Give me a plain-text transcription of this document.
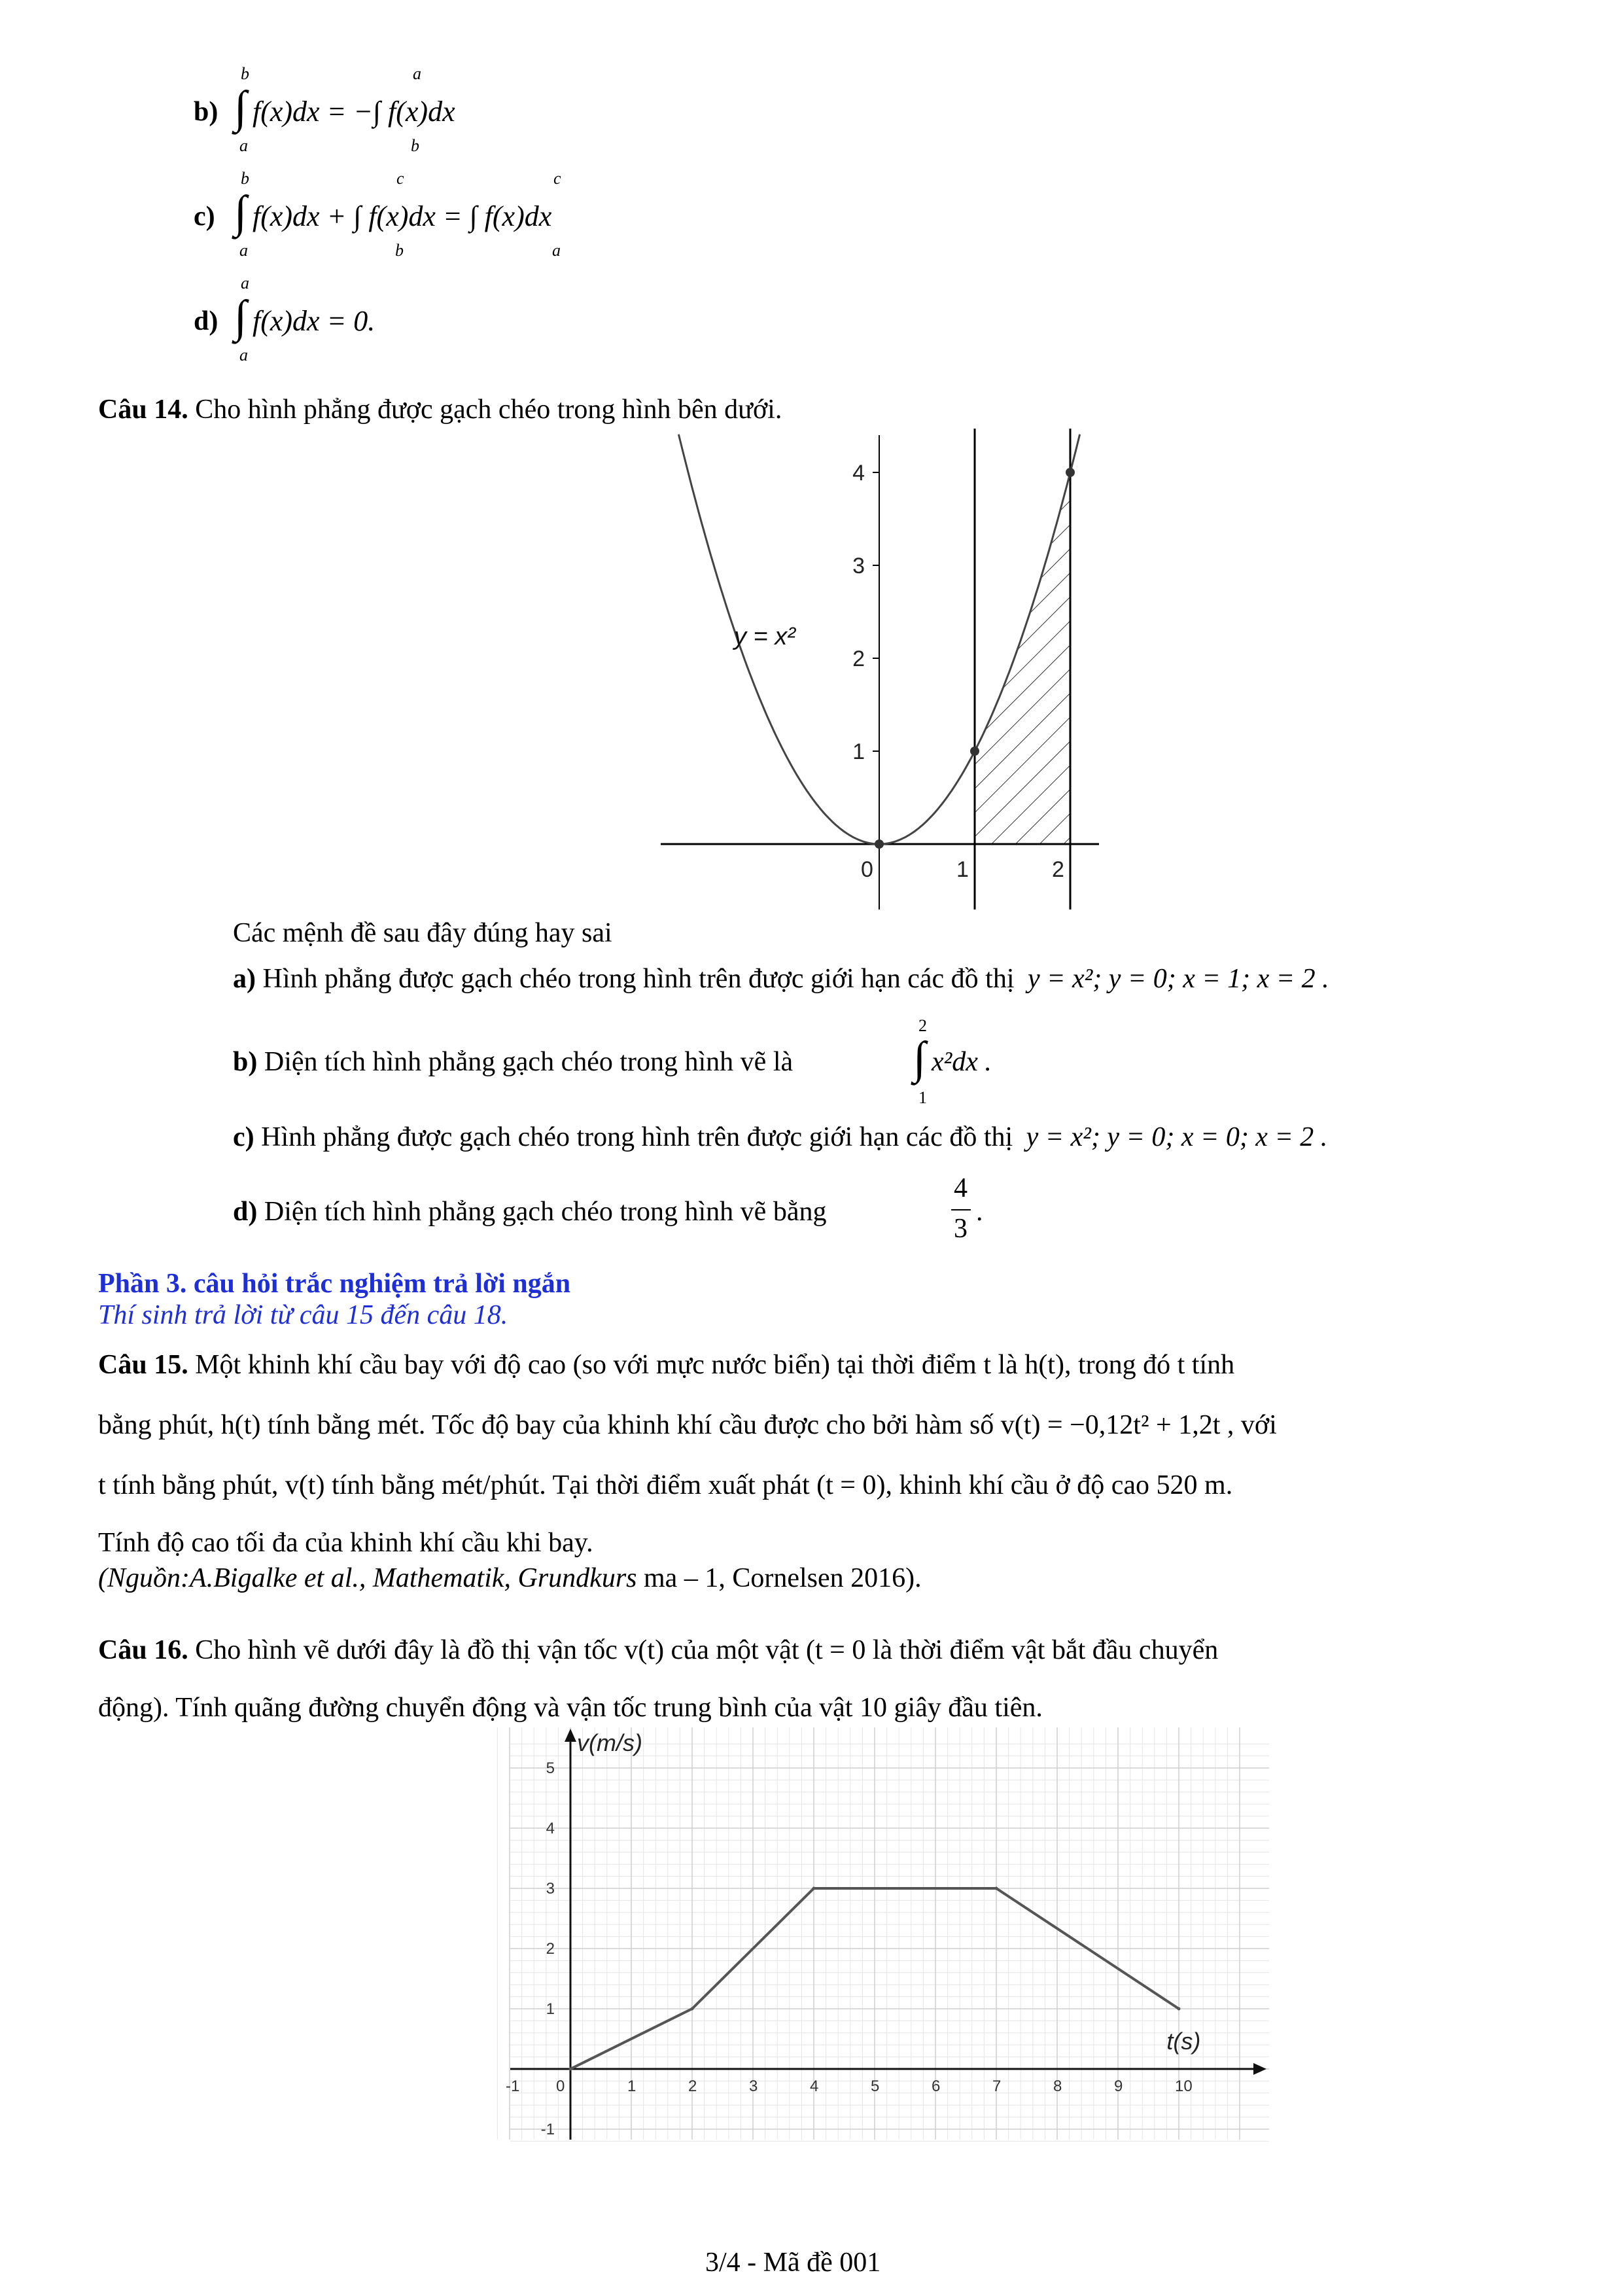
b) ∫
b
a
f(x)dx = −∫ f(x)dx
a
b
c) ∫
b
a
f(x)dx + ∫ f(x)dx = ∫ f(x)dx
c
b
c
a
d) ∫
a
a
f(x)dx = 0.
Câu 14. Cho hình phẳng được gạch chéo trong hình bên dưới.
1
2
3
4
0	1	2
y = x²
Các mệnh đề sau đây đúng hay sai
a) Hình phẳng được gạch chéo trong hình trên được giới hạn các đồ thị y = x²; y = 0; x = 1; x = 2 .
b) Diện tích hình phẳng gạch chéo trong hình vẽ là	∫
2
1
x²dx .
c) Hình phẳng được gạch chéo trong hình trên được giới hạn các đồ thị y = x²; y = 0; x = 0; x = 2 .
d) Diện tích hình phẳng gạch chéo trong hình vẽ bằng
4
3
.
Phần 3. câu hỏi trắc nghiệm trả lời ngắn
Thí sinh trả lời từ câu 15 đến câu 18.
Câu 15. Một khinh khí cầu bay với độ cao (so với mực nước biển) tại thời điểm t là h(t), trong đó t tính
bằng phút, h(t) tính bằng mét. Tốc độ bay của khinh khí cầu được cho bởi hàm số v(t) = −0,12t² + 1,2t , với
t tính bằng phút, v(t) tính bằng mét/phút. Tại thời điểm xuất phát (t = 0), khinh khí cầu ở độ cao 520 m.
Tính độ cao tối đa của khinh khí cầu khi bay.
(Nguồn:A.Bigalke et al., Mathematik, Grundkurs ma – 1, Cornelsen 2016).
Câu 16. Cho hình vẽ dưới đây là đồ thị vận tốc v(t) của một vật (t = 0 là thời điểm vật bắt đầu chuyển
động). Tính quãng đường chuyển động và vận tốc trung bình của vật 10 giây đầu tiên.
-1 0	1	2	3	4	5	6	7	8	9	10
-1
1
2
3
4
5
v(m/s)
t(s)
3/4 - Mã đề 001
